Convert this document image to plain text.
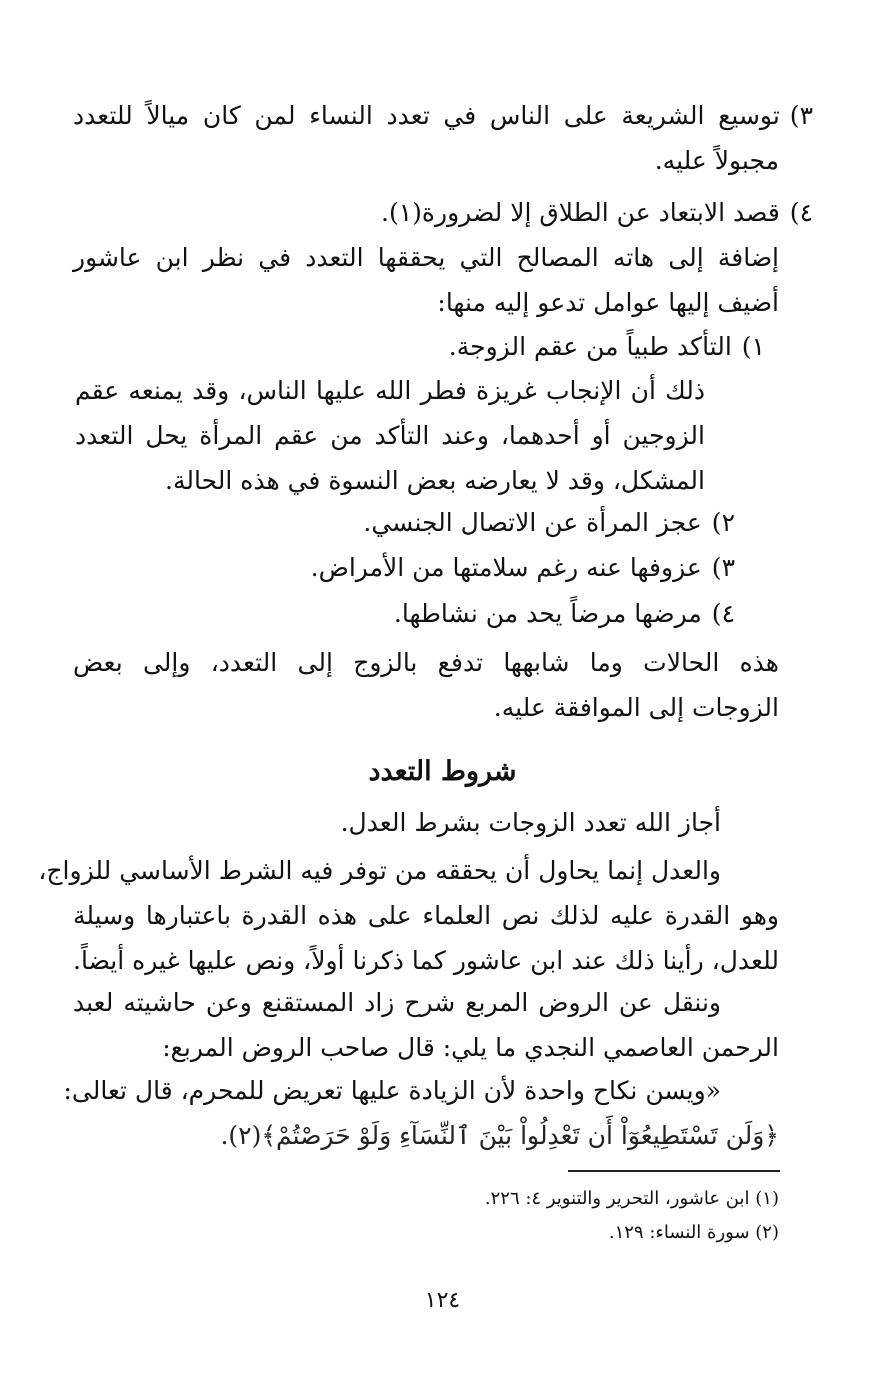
٣)توسيع الشريعة على الناس في تعدد النساء لمن كان ميالاً للتعدد
مجبولاً عليه.
٤)قصد الابتعاد عن الطلاق إلا لضرورة(١).
إضافة إلى هاته المصالح التي يحققها التعدد في نظر ابن عاشور
أضيف إليها عوامل تدعو إليه منها:
١)التأكد طبياً من عقم الزوجة.
ذلك أن الإنجاب غريزة فطر الله عليها الناس، وقد يمنعه عقم
الزوجين أو أحدهما، وعند التأكد من عقم المرأة يحل التعدد
المشكل، وقد لا يعارضه بعض النسوة في هذه الحالة.
٢)عجز المرأة عن الاتصال الجنسي.
٣)عزوفها عنه رغم سلامتها من الأمراض.
٤)مرضها مرضاً يحد من نشاطها.
هذه الحالات وما شابهها تدفع بالزوج إلى التعدد، وإلى بعض
الزوجات إلى الموافقة عليه.
شروط التعدد
أجاز الله تعدد الزوجات بشرط العدل.
والعدل إنما يحاول أن يحققه من توفر فيه الشرط الأساسي للزواج،
وهو القدرة عليه لذلك نص العلماء على هذه القدرة باعتبارها وسيلة
للعدل، رأينا ذلك عند ابن عاشور كما ذكرنا أولاً، ونص عليها غيره أيضاً.
وننقل عن الروض المربع شرح زاد المستقنع وعن حاشيته لعبد
الرحمن العاصمي النجدي ما يلي: قال صاحب الروض المربع:
«ويسن نكاح واحدة لأن الزيادة عليها تعريض للمحرم، قال تعالى:
﴿وَلَن تَسْتَطِيعُوٓاْ أَن تَعْدِلُواْ بَيْنَ ٱلنِّسَآءِ وَلَوْ حَرَصْتُمْ﴾(٢).
(١) ابن عاشور، التحرير والتنوير ٤: ٢٢٦.
(٢) سورة النساء: ١٢٩.
١٢٤
